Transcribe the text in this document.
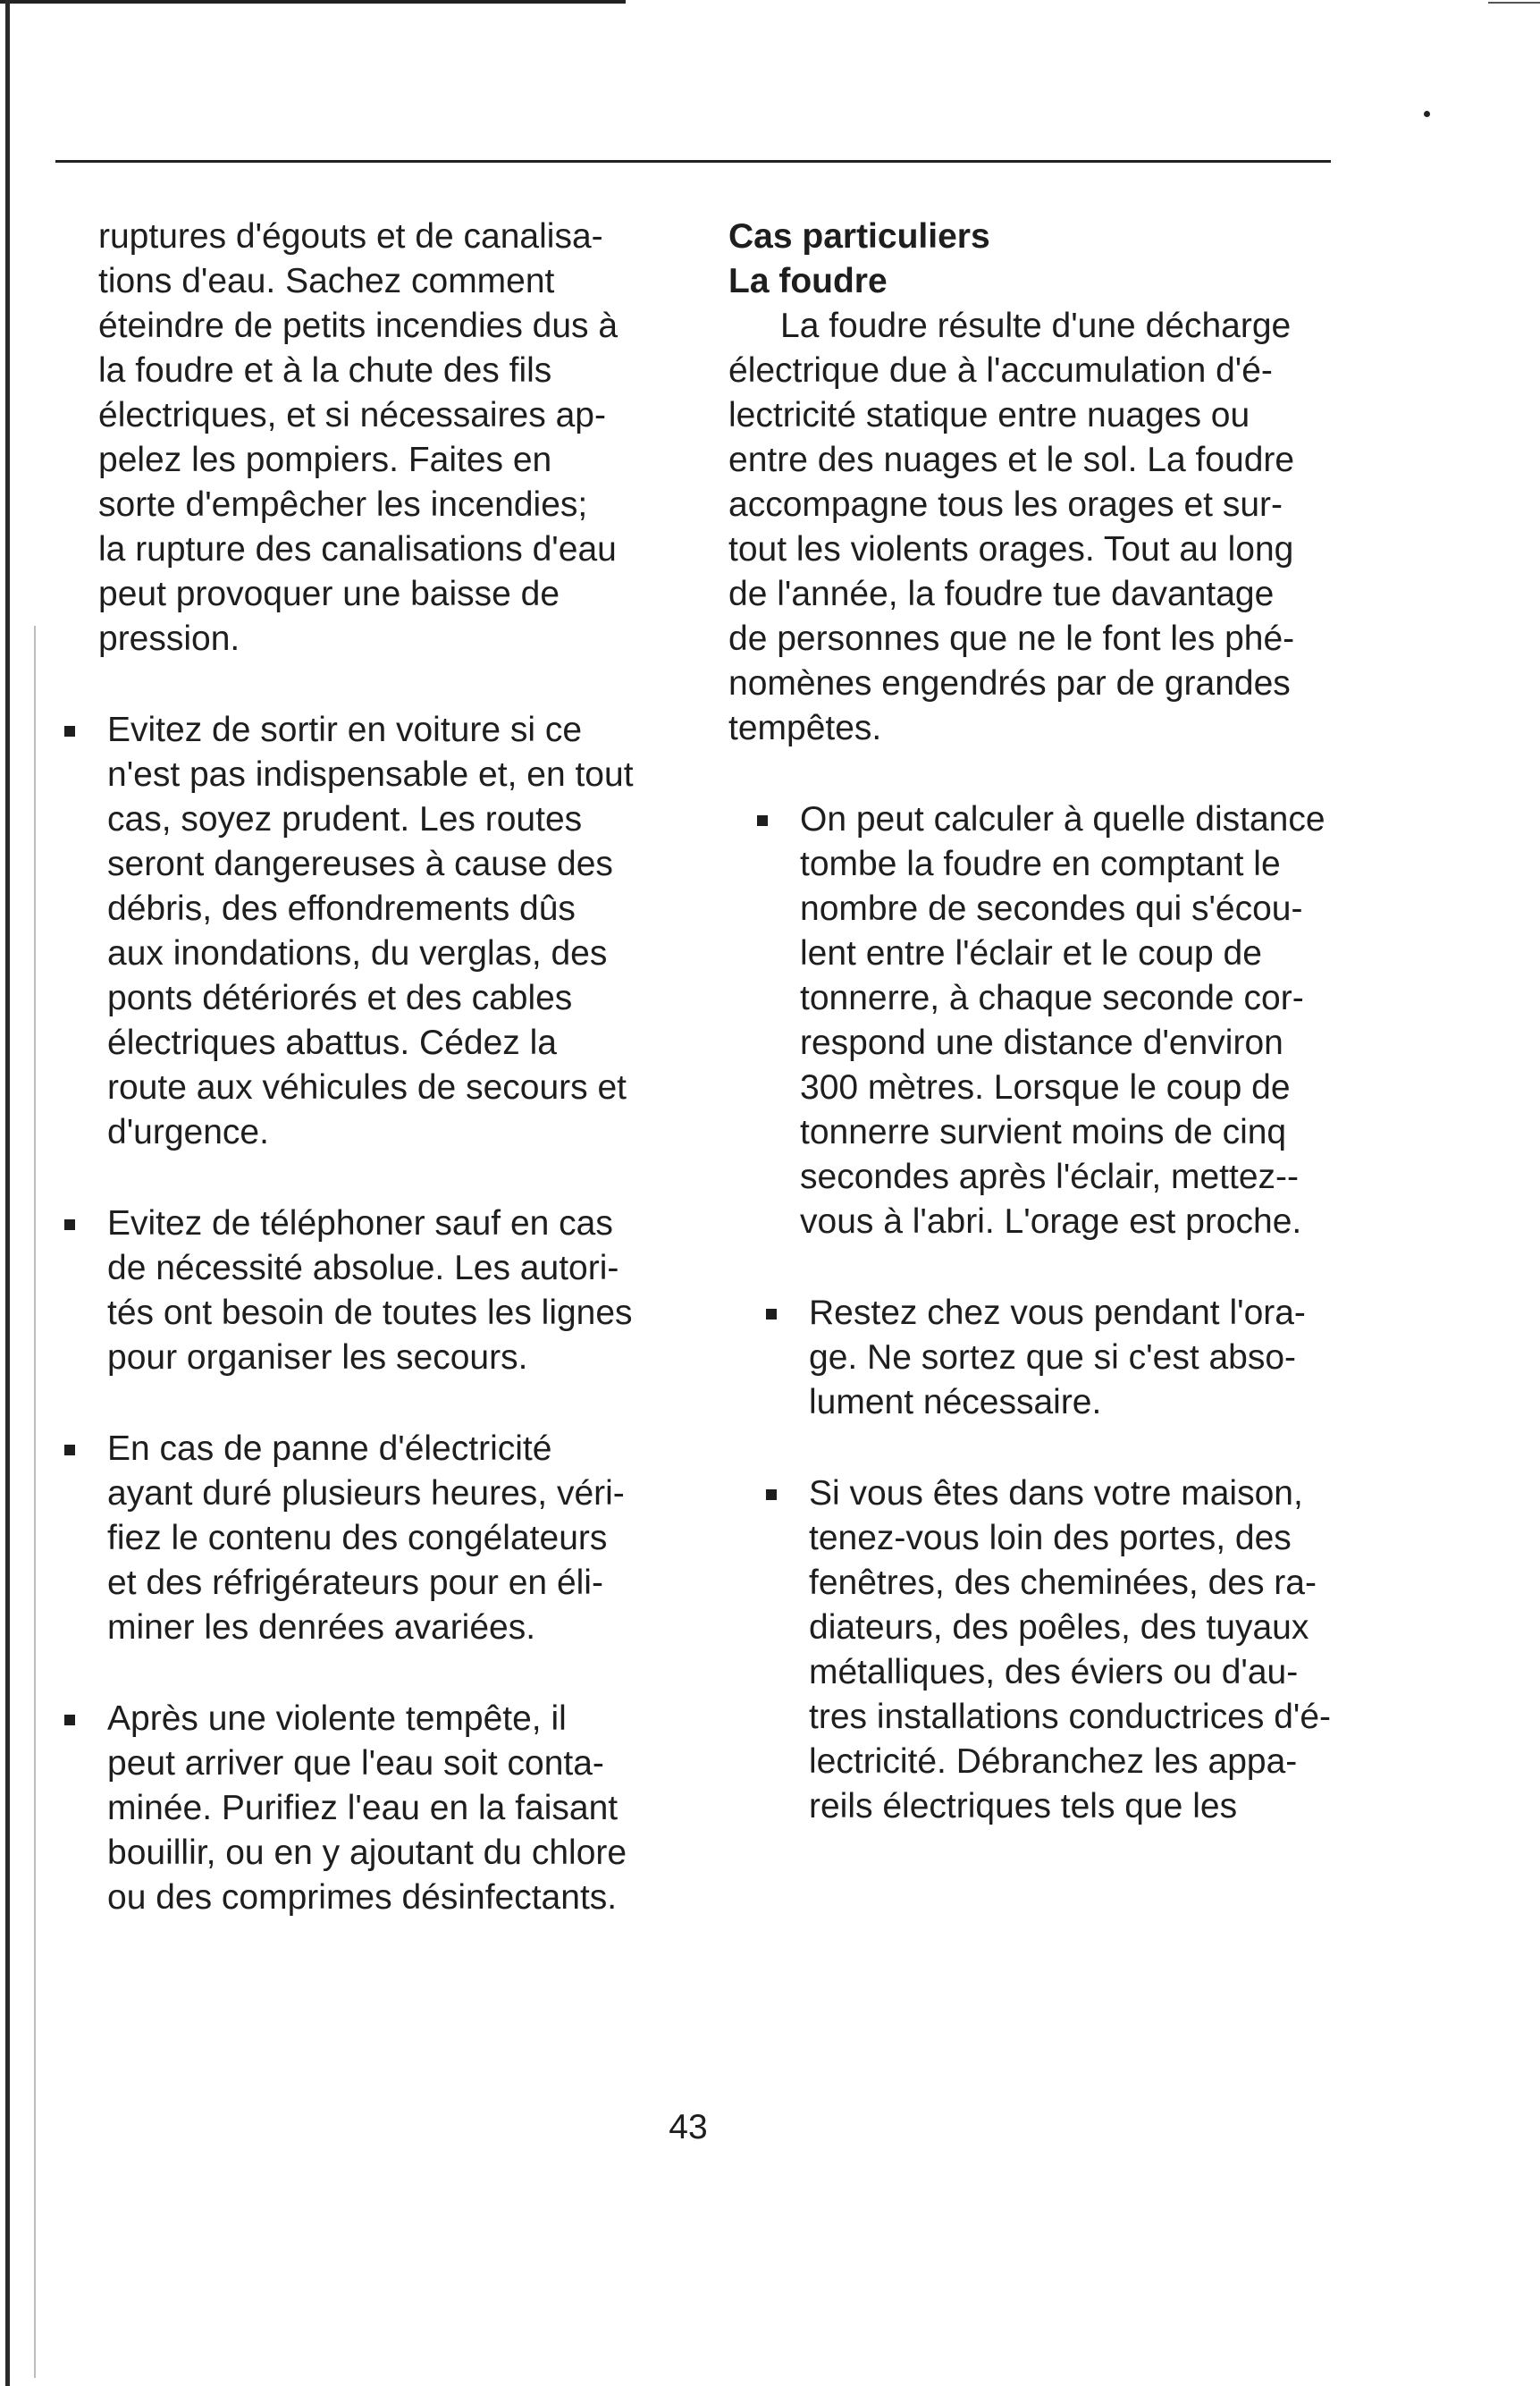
ruptures d'égouts et de canalisa-
tions d'eau. Sachez comment
éteindre de petits incendies dus à
la foudre et à la chute des fils
électriques, et si nécessaires ap-
pelez les pompiers. Faites en
sorte d'empêcher les incendies;
la rupture des canalisations d'eau
peut provoquer une baisse de
pression.

Evitez de sortir en voiture si ce
n'est pas indispensable et, en tout
cas, soyez prudent. Les routes
seront dangereuses à cause des
débris, des effondrements dûs
aux inondations, du verglas, des
ponts détériorés et des cables
électriques abattus. Cédez la
route aux véhicules de secours et
d'urgence.
Evitez de téléphoner sauf en cas
de nécessité absolue. Les autori-
tés ont besoin de toutes les lignes
pour organiser les secours.
En cas de panne d'électricité
ayant duré plusieurs heures, véri-
fiez le contenu des congélateurs
et des réfrigérateurs pour en éli-
miner les denrées avariées.
Après une violente tempête, il
peut arriver que l'eau soit conta-
minée. Purifiez l'eau en la faisant
bouillir, ou en y ajoutant du chlore
ou des comprimes désinfectants.

Cas particuliers

La foudre

La foudre résulte d'une décharge
électrique due à l'accumulation d'é-
lectricité statique entre nuages ou
entre des nuages et le sol. La foudre
accompagne tous les orages et sur-
tout les violents orages. Tout au long
de l'année, la foudre tue davantage
de personnes que ne le font les phé-
nomènes engendrés par de grandes
tempêtes.

On peut calculer à quelle distance
tombe la foudre en comptant le
nombre de secondes qui s'écou-
lent entre l'éclair et le coup de
tonnerre, à chaque seconde cor-
respond une distance d'environ
300 mètres. Lorsque le coup de
tonnerre survient moins de cinq
secondes après l'éclair, mettez--
vous à l'abri. L'orage est proche.
Restez chez vous pendant l'ora-
ge. Ne sortez que si c'est abso-
lument nécessaire.
Si vous êtes dans votre maison,
tenez-vous loin des portes, des
fenêtres, des cheminées, des ra-
diateurs, des poêles, des tuyaux
métalliques, des éviers ou d'au-
tres installations conductrices d'é-
lectricité. Débranchez les appa-
reils électriques tels que les
43
